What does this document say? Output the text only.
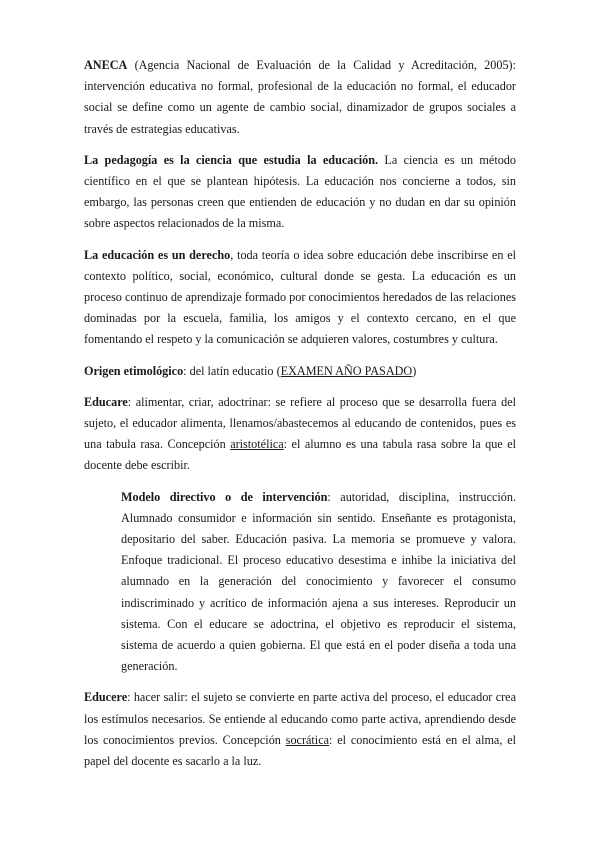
ANECA (Agencia Nacional de Evaluación de la Calidad y Acreditación, 2005): intervención educativa no formal, profesional de la educación no formal, el educador social se define como un agente de cambio social, dinamizador de grupos sociales a través de estrategias educativas.

La pedagogía es la ciencia que estudia la educación. La ciencia es un método científico en el que se plantean hipótesis. La educación nos concierne a todos, sin embargo, las personas creen que entienden de educación y no dudan en dar su opinión sobre aspectos relacionados de la misma.

La educación es un derecho, toda teoría o idea sobre educación debe inscribirse en el contexto político, social, económico, cultural donde se gesta. La educación es un proceso continuo de aprendizaje formado por conocimientos heredados de las relaciones dominadas por la escuela, familia, los amigos y el contexto cercano, en el que fomentando el respeto y la comunicación se adquieren valores, costumbres y cultura.

Origen etimológico: del latín educatio (EXAMEN AÑO PASADO)

Educare: alimentar, criar, adoctrinar: se refiere al proceso que se desarrolla fuera del sujeto, el educador alimenta, llenamos/abastecemos al educando de contenidos, pues es una tabula rasa. Concepción aristotélica: el alumno es una tabula rasa sobre la que el docente debe escribir.

Modelo directivo o de intervención: autoridad, disciplina, instrucción. Alumnado consumidor e información sin sentido. Enseñante es protagonista, depositario del saber. Educación pasiva. La memoria se promueve y valora. Enfoque tradicional. El proceso educativo desestima e inhibe la iniciativa del alumnado en la generación del conocimiento y favorecer el consumo indiscriminado y acrítico de información ajena a sus intereses. Reproducir un sistema. Con el educare se adoctrina, el objetivo es reproducir el sistema, sistema de acuerdo a quien gobierna. El que está en el poder diseña a toda una generación.

Educere: hacer salir: el sujeto se convierte en parte activa del proceso, el educador crea los estímulos necesarios. Se entiende al educando como parte activa, aprendiendo desde los conocimientos previos. Concepción socrática: el conocimiento está en el alma, el papel del docente es sacarlo a la luz.
